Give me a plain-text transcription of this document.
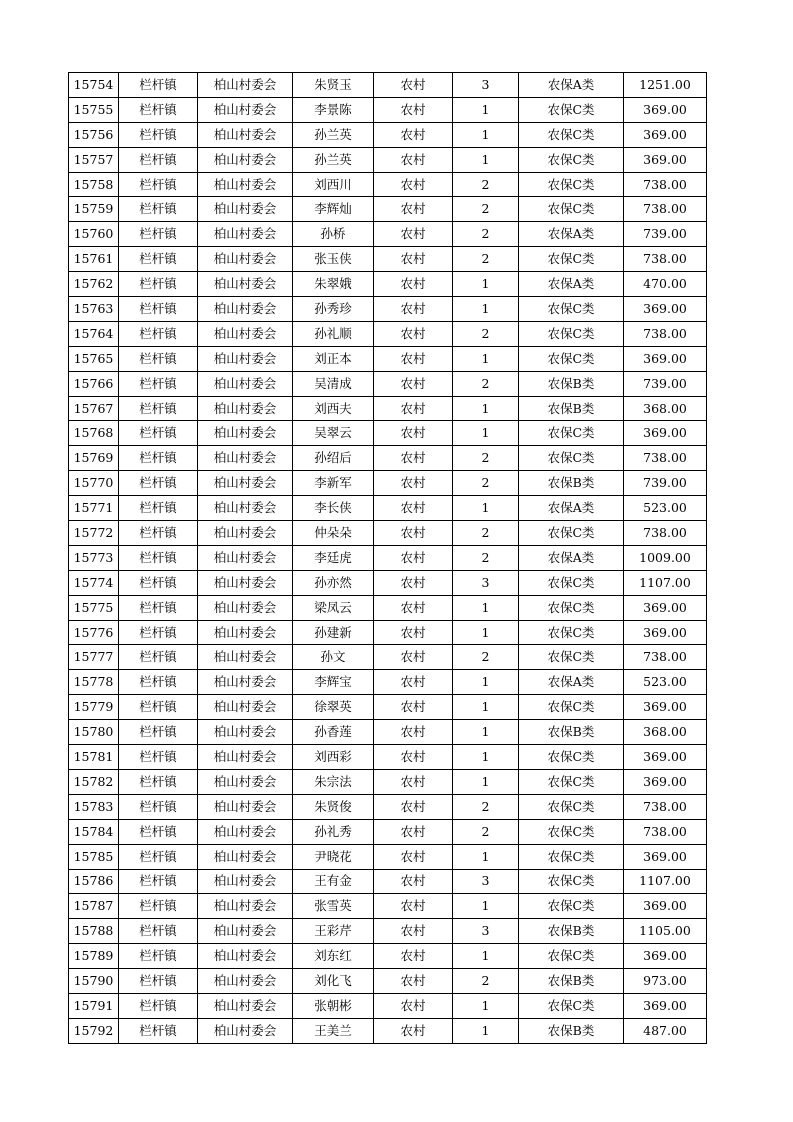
15754	栏杆镇	柏山村委会	朱贤玉	农村	3	农保A类	1251.00
15755	栏杆镇	柏山村委会	李景陈	农村	1	农保C类	369.00
15756	栏杆镇	柏山村委会	孙兰英	农村	1	农保C类	369.00
15757	栏杆镇	柏山村委会	孙兰英	农村	1	农保C类	369.00
15758	栏杆镇	柏山村委会	刘西川	农村	2	农保C类	738.00
15759	栏杆镇	柏山村委会	李辉灿	农村	2	农保C类	738.00
15760	栏杆镇	柏山村委会	孙桥	农村	2	农保A类	739.00
15761	栏杆镇	柏山村委会	张玉侠	农村	2	农保C类	738.00
15762	栏杆镇	柏山村委会	朱翠娥	农村	1	农保A类	470.00
15763	栏杆镇	柏山村委会	孙秀珍	农村	1	农保C类	369.00
15764	栏杆镇	柏山村委会	孙礼顺	农村	2	农保C类	738.00
15765	栏杆镇	柏山村委会	刘正本	农村	1	农保C类	369.00
15766	栏杆镇	柏山村委会	吴清成	农村	2	农保B类	739.00
15767	栏杆镇	柏山村委会	刘西夫	农村	1	农保B类	368.00
15768	栏杆镇	柏山村委会	吴翠云	农村	1	农保C类	369.00
15769	栏杆镇	柏山村委会	孙绍后	农村	2	农保C类	738.00
15770	栏杆镇	柏山村委会	李新军	农村	2	农保B类	739.00
15771	栏杆镇	柏山村委会	李长侠	农村	1	农保A类	523.00
15772	栏杆镇	柏山村委会	仲朵朵	农村	2	农保C类	738.00
15773	栏杆镇	柏山村委会	李廷虎	农村	2	农保A类	1009.00
15774	栏杆镇	柏山村委会	孙亦然	农村	3	农保C类	1107.00
15775	栏杆镇	柏山村委会	梁凤云	农村	1	农保C类	369.00
15776	栏杆镇	柏山村委会	孙建新	农村	1	农保C类	369.00
15777	栏杆镇	柏山村委会	孙文	农村	2	农保C类	738.00
15778	栏杆镇	柏山村委会	李辉宝	农村	1	农保A类	523.00
15779	栏杆镇	柏山村委会	徐翠英	农村	1	农保C类	369.00
15780	栏杆镇	柏山村委会	孙香莲	农村	1	农保B类	368.00
15781	栏杆镇	柏山村委会	刘西彩	农村	1	农保C类	369.00
15782	栏杆镇	柏山村委会	朱宗法	农村	1	农保C类	369.00
15783	栏杆镇	柏山村委会	朱贤俊	农村	2	农保C类	738.00
15784	栏杆镇	柏山村委会	孙礼秀	农村	2	农保C类	738.00
15785	栏杆镇	柏山村委会	尹晓花	农村	1	农保C类	369.00
15786	栏杆镇	柏山村委会	王有金	农村	3	农保C类	1107.00
15787	栏杆镇	柏山村委会	张雪英	农村	1	农保C类	369.00
15788	栏杆镇	柏山村委会	王彩芹	农村	3	农保B类	1105.00
15789	栏杆镇	柏山村委会	刘东红	农村	1	农保C类	369.00
15790	栏杆镇	柏山村委会	刘化飞	农村	2	农保B类	973.00
15791	栏杆镇	柏山村委会	张朝彬	农村	1	农保C类	369.00
15792	栏杆镇	柏山村委会	王美兰	农村	1	农保B类	487.00
